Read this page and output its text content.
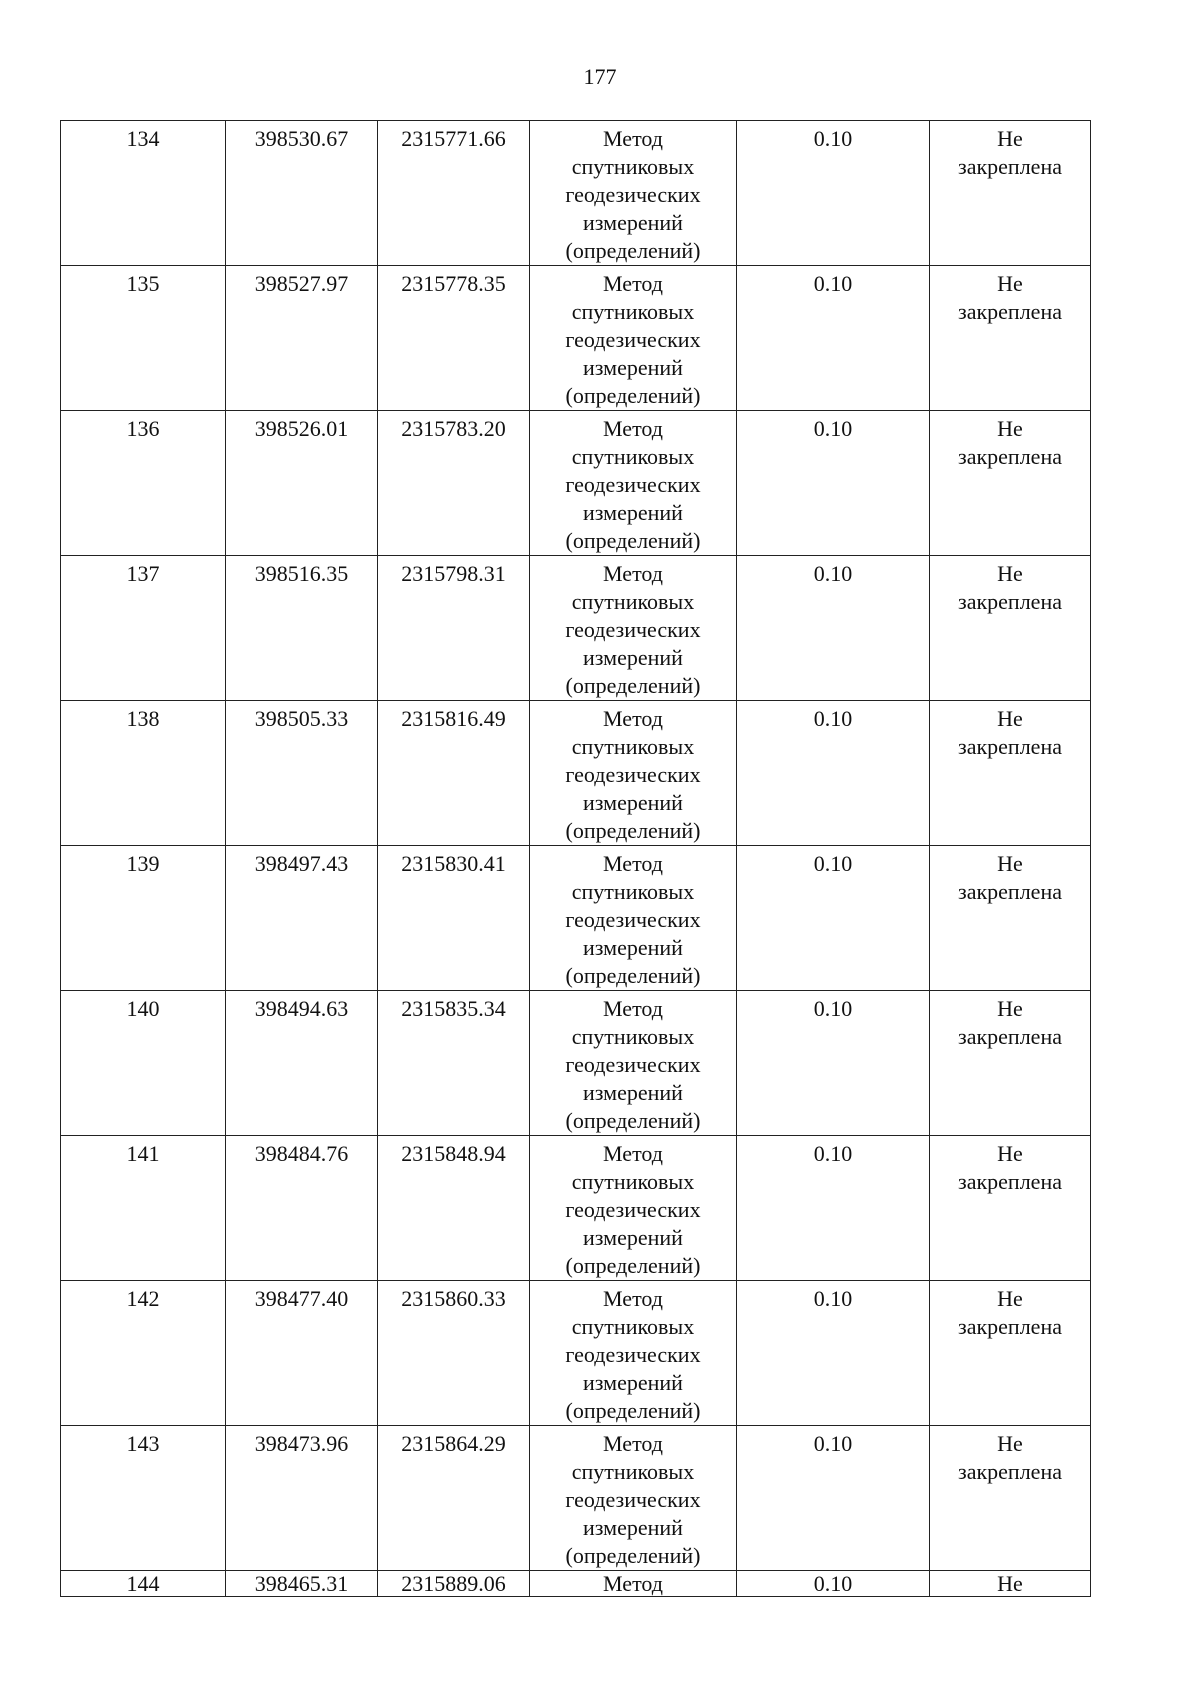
177
134	398530.67	2315771.66	Метод
спутниковых
геодезических
измерений
(определений)	0.10	Не
закреплена
135	398527.97	2315778.35	Метод
спутниковых
геодезических
измерений
(определений)	0.10	Не
закреплена
136	398526.01	2315783.20	Метод
спутниковых
геодезических
измерений
(определений)	0.10	Не
закреплена
137	398516.35	2315798.31	Метод
спутниковых
геодезических
измерений
(определений)	0.10	Не
закреплена
138	398505.33	2315816.49	Метод
спутниковых
геодезических
измерений
(определений)	0.10	Не
закреплена
139	398497.43	2315830.41	Метод
спутниковых
геодезических
измерений
(определений)	0.10	Не
закреплена
140	398494.63	2315835.34	Метод
спутниковых
геодезических
измерений
(определений)	0.10	Не
закреплена
141	398484.76	2315848.94	Метод
спутниковых
геодезических
измерений
(определений)	0.10	Не
закреплена
142	398477.40	2315860.33	Метод
спутниковых
геодезических
измерений
(определений)	0.10	Не
закреплена
143	398473.96	2315864.29	Метод
спутниковых
геодезических
измерений
(определений)	0.10	Не
закреплена
144	398465.31	2315889.06	Метод	0.10	Не
